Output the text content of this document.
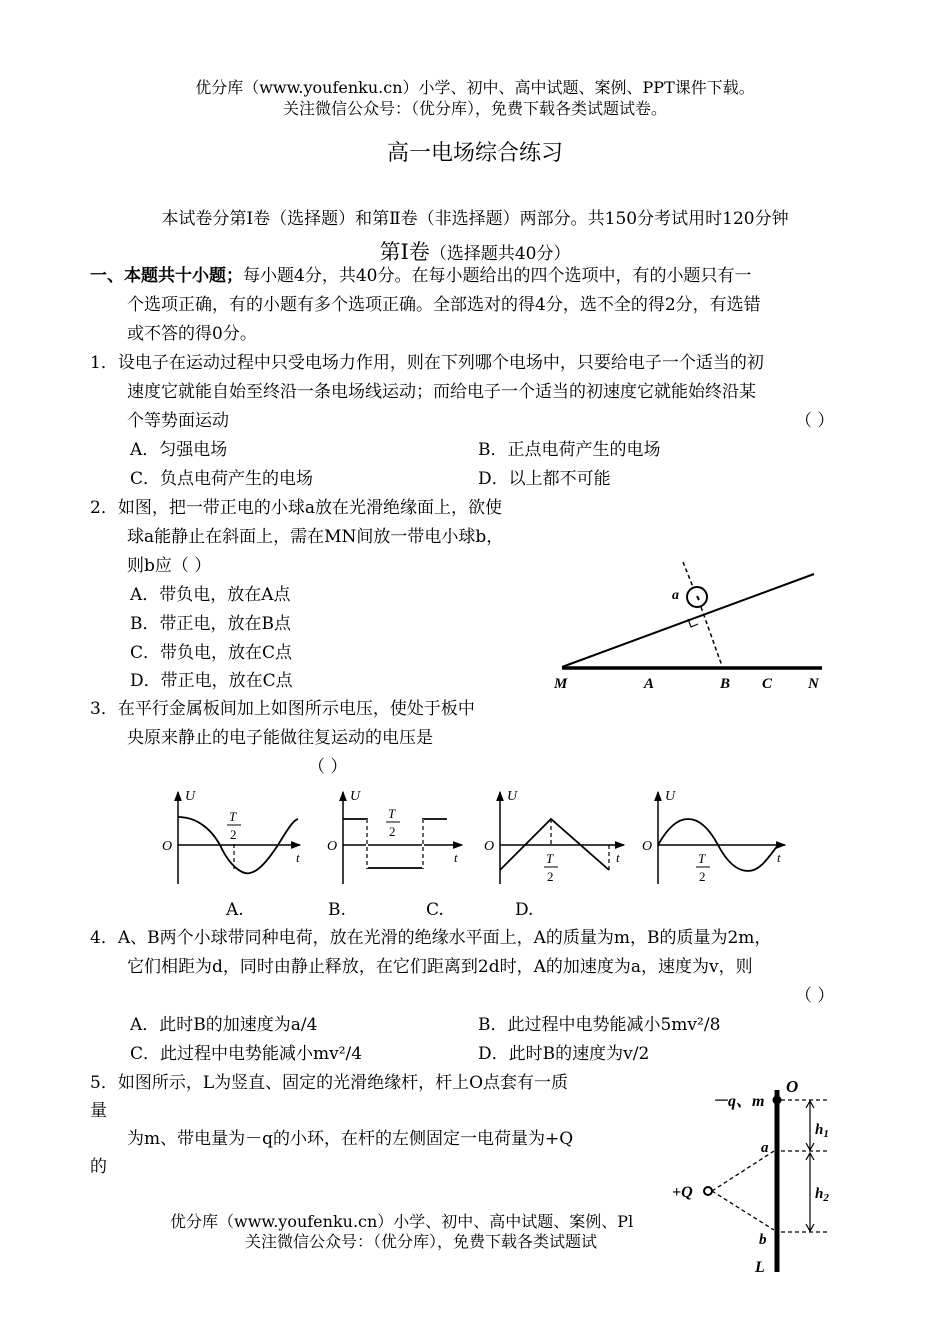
优分库（www.youfenku.cn）小学、初中、高中试题、案例、PPT课件下载。
关注微信公众号：（优分库），免费下载各类试题试卷。
高一电场综合练习
本试卷分第Ⅰ卷（选择题）和第Ⅱ卷（非选择题）两部分。共150分考试用时120分钟
第Ⅰ卷（选择题共40分）
一、本题共十小题；每小题4分，共40分。在每小题给出的四个选项中，有的小题只有一
个选项正确，有的小题有多个选项正确。全部选对的得4分，选不全的得2分，有选错
或不答的得0分。
1．设电子在运动过程中只受电场力作用，则在下列哪个电场中，只要给电子一个适当的初
速度它就能自始至终沿一条电场线运动；而给电子一个适当的初速度它就能始终沿某
个等势面运动	（ ）
A．匀强电场	B．正点电荷产生的电场
C．负点电荷产生的电场	D．以上都不可能
2．如图，把一带正电的小球a放在光滑绝缘面上，欲使
球a能静止在斜面上，需在MN间放一带电小球b，
则b应（ ）
A．带负电，放在A点
B．带正电，放在B点
C．带负电，放在C点
D．带正电，放在C点
a
M	A	B C N
3．在平行金属板间加上如图所示电压，使处于板中
央原来静止的电子能做往复运动的电压是
（ ）
U
O
t
T
2
U
O
t
T
2
U
O
t
T
2
U
O
t
T
2
A.	B.	C.	D.
4．A、B两个小球带同种电荷，放在光滑的绝缘水平面上，A的质量为m，B的质量为2m，
它们相距为d，同时由静止释放，在它们距离到2d时，A的加速度为a，速度为v，则
（ ）
A．此时B的加速度为a/4	B．此过程中电势能减小5mv²/8
C．此过程中电势能减小mv²/4	D．此时B的速度为v/2
5．如图所示，L为竖直、固定的光滑绝缘杆，杆上O点套有一质
量
为m、带电量为－q的小环，在杆的左侧固定一电荷量为+Q
的
O
－q、m
a
$h_1$
+Q	$h_2$
b
L
优分库（www.youfenku.cn）小学、初中、高中试题、案例、Pl
关注微信公众号：（优分库），免费下载各类试题试
